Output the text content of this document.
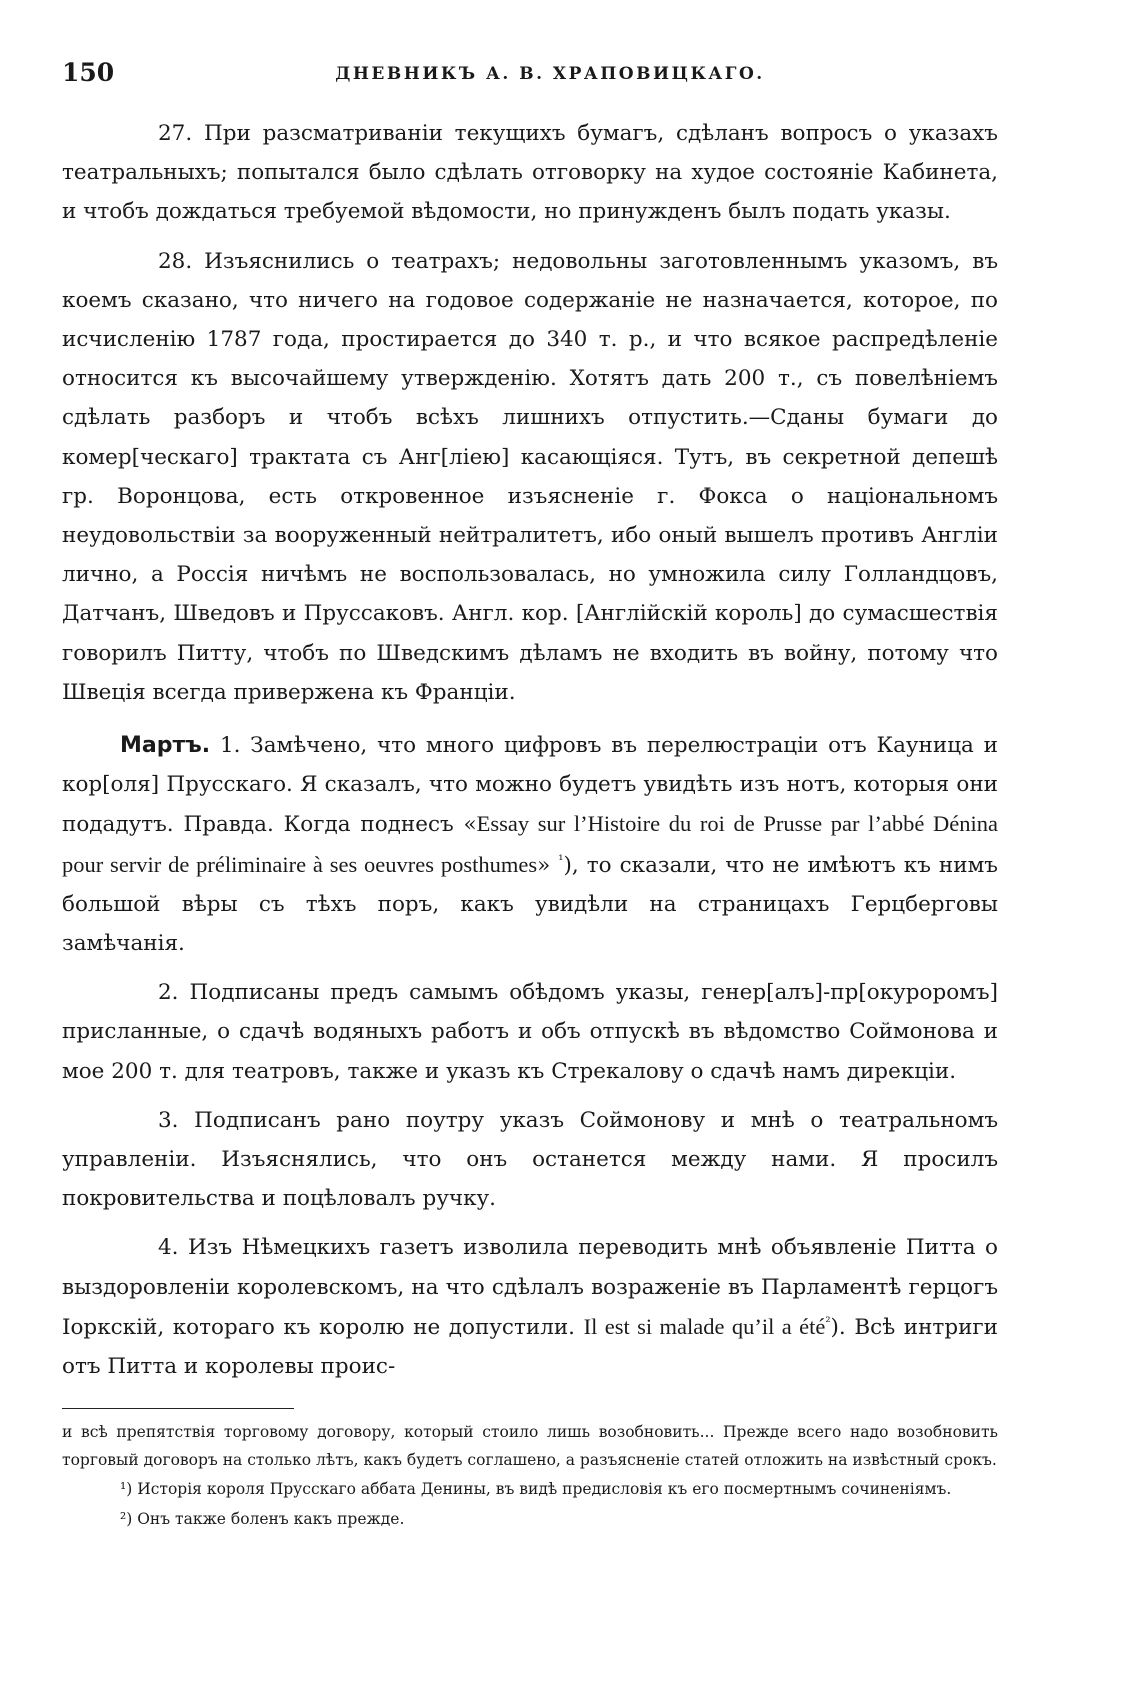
150	ДНЕВНИКЪ А. В. ХРАПОВИЦКАГО.

27. При разсматриваніи текущихъ бумагъ, сдѣланъ вопросъ о указахъ театральныхъ; попытался было сдѣлать отговорку на худое состояніе Кабинета, и чтобъ дождаться требуемой вѣдомости, но принужденъ былъ подать указы.

28. Изъяснились о театрахъ; недовольны заготовленнымъ указомъ, въ коемъ сказано, что ничего на годовое содержаніе не назначается, которое, по исчисленію 1787 года, простирается до 340 т. р., и что всякое распредѣленіе относится къ высочайшему утвержденію. Хотятъ дать 200 т., съ повелѣніемъ сдѣлать разборъ и чтобъ всѣхъ лишнихъ отпустить.—Сданы бумаги до комер[ческаго] трактата съ Анг[ліею] касающіяся. Тутъ, въ секретной депешѣ гр. Воронцова, есть откровенное изъясненіе г. Фокса о національномъ неудовольствіи за вооруженный нейтралитетъ, ибо оный вышелъ противъ Англіи лично, а Россія ничѣмъ не воспользовалась, но умножила силу Голландцовъ, Датчанъ, Шведовъ и Пруссаковъ. Англ. кор. [Англійскій король] до сумасшествія говорилъ Питту, чтобъ по Шведскимъ дѣламъ не входить въ войну, потому что Швеція всегда привержена къ Франціи.

Мартъ. 1. Замѣчено, что много цифровъ въ перелюстраціи отъ Кауница и кор[оля] Прусскаго. Я сказалъ, что можно будетъ увидѣть изъ нотъ, которыя они подадутъ. Правда. Когда поднесъ «Essay sur l’Histoire du roi de Prusse par l’abbé Dénina pour servir de préliminaire à ses oeuvres posthumes» $^{^1}$), то сказали, что не имѣютъ къ нимъ большой вѣры съ тѣхъ поръ, какъ увидѣли на страницахъ Герцберговы замѣчанія.

2. Подписаны предъ самымъ обѣдомъ указы, генер[алъ]-пр[окуроромъ] присланные, о сдачѣ водяныхъ работъ и объ отпускѣ въ вѣдомство Соймонова и мое 200 т. для театровъ, также и указъ къ Стрекалову о сдачѣ намъ дирекціи.

3. Подписанъ рано поутру указъ Соймонову и мнѣ о театральномъ управленіи. Изъяснялись, что онъ останется между нами. Я просилъ покровительства и поцѣловалъ ручку.

4. Изъ Нѣмецкихъ газетъ изволила переводить мнѣ объявленіе Питта о выздоровленіи королевскомъ, на что сдѣлалъ возраженіе въ Парламентѣ герцогъ Іоркскій, котораго къ королю не допустили. Il est si malade qu’il a été$^{^2}$). Всѣ интриги отъ Питта и королевы проис-

и всѣ препятствія торговому договору, который стоило лишь возобновить... Прежде всего надо возобновить торговый договоръ на столько лѣтъ, какъ будетъ соглашено, а разъясненіе статей отложить на извѣстный срокъ.

¹) Исторія короля Прусскаго аббата Денины, въ видѣ предисловія къ его посмертнымъ сочиненіямъ.

²) Онъ также боленъ какъ прежде.
